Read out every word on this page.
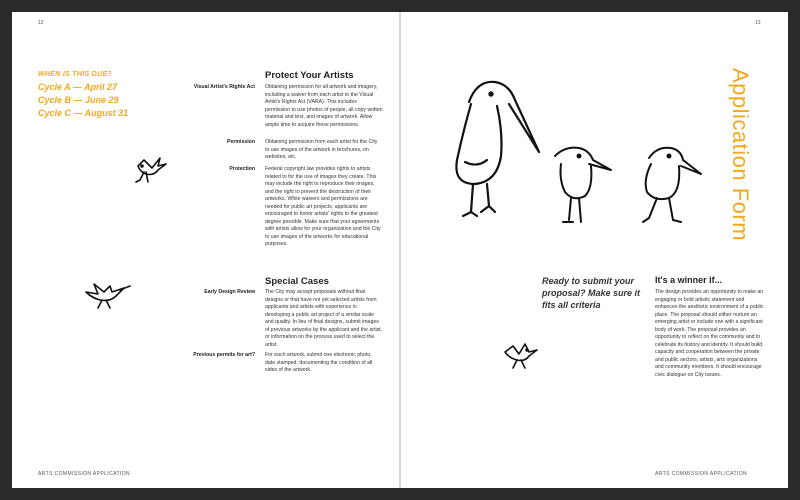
12
WHEN IS THIS DUE?
Cycle A — April 27
Cycle B — June 29
Cycle C — August 31
Protect Your Artists
Visual Artist's Rights Act Obtaining permission for all artwork and imagery, including a waiver from each artist to the Visual Artist's Rights Act (VARA). This includes permission to use photos of people, all copy written material and text, and images of artwork. Allow ample time to acquire these permissions.
Permission Obtaining permission from each artist for the City to use images of the artwork in brochures, on websites, etc.
Protection Federal copyright law provides rights to artists related to for the use of images they create. This may include the right to reproduce their images, and the right to prevent the destruction of their artworks. While waivers and permissions are needed for public art projects, applicants are encouraged to honor artists' rights to the greatest degree possible. Make sure that your agreements with artists allow for your organization and the City to use images of the artworks for educational purposes.
Special Cases
Early Design Review The City may accept proposals without final designs or that have not yet selected artists from applicants and artists with experience in developing a public art project of a similar scale and quality. In lieu of final designs, submit images of previous artworks by the applicant and the artist, or information on the process used to select the artist.
Previous permits for art? For each artwork, submit one electronic photo, date stamped, documenting the condition of all sides of the artwork.
ARTS COMMISSION APPLICATION
13
Application Form
Ready to submit your proposal? Make sure it fits all criteria
It's a winner if...
The design provides an opportunity to make an engaging or bold artistic statement and enhances the aesthetic environment of a public place. The proposal should either nurture an emerging artist or include one with a significant body of work. The proposal provides an opportunity to reflect on the community and to celebrate its history and identity. It should build capacity and cooperation between the private and public sectors, artists, arts organizations and community members. It should encourage civic dialogue on City issues.
ARTS COMMISSION APPLICATION
